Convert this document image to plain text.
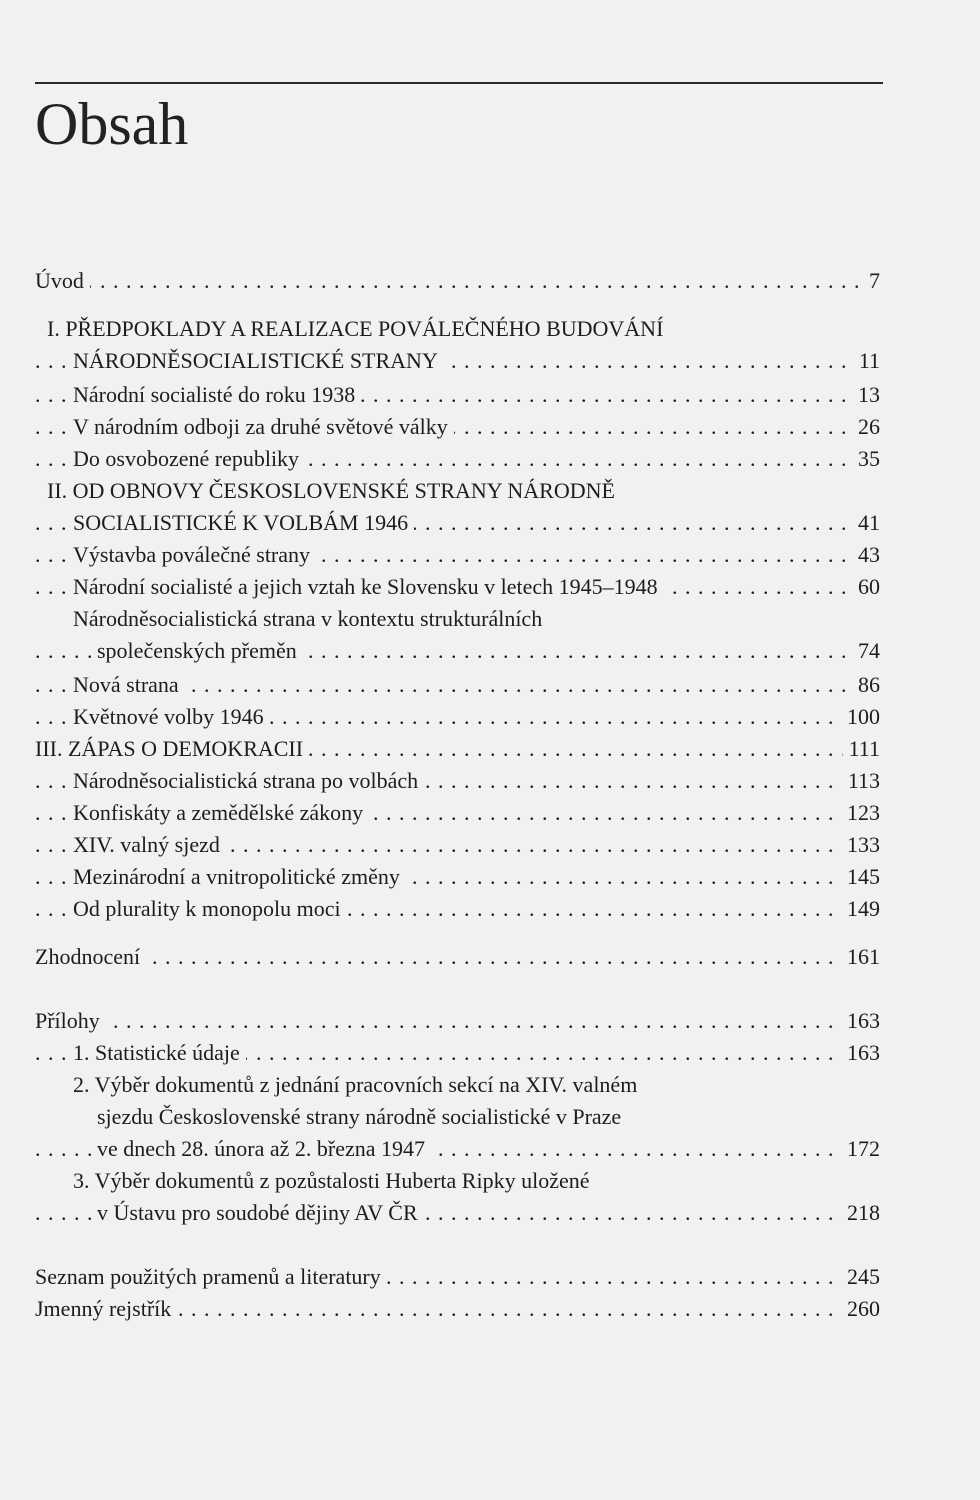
Obsah
. . . Úvod	7
I. PŘEDPOKLADY A REALIZACE POVÁLEČNÉHO BUDOVÁNÍ
. . . NÁRODNĚSOCIALISTICKÉ STRANY	11
. . . Národní socialisté do roku 1938	13
. . . V národním odboji za druhé světové války	26
. . . Do osvobozené republiky	35
II. OD OBNOVY ČESKOSLOVENSKÉ STRANY NÁRODNĚ
. . . SOCIALISTICKÉ K VOLBÁM 1946	41
. . . Výstavba poválečné strany	43
. . . Národní socialisté a jejich vztah ke Slovensku v letech 1945–1948	60
Národněsocialistická strana v kontextu strukturálních
. . . společenských přeměn	74
. . . Nová strana	86
. . . Květnové volby 1946	100
. . . III. ZÁPAS O DEMOKRACII	111
. . . Národněsocialistická strana po volbách	113
. . . Konfiskáty a zemědělské zákony	123
. . . XIV. valný sjezd	133
. . . Mezinárodní a vnitropolitické změny	145
. . . Od plurality k monopolu moci	149
. . . Zhodnocení	161
. . . Přílohy	163
. . . 1. Statistické údaje	163
2. Výběr dokumentů z jednání pracovních sekcí na XIV. valném
sjezdu Československé strany národně socialistické v Praze
. . . ve dnech 28. února až 2. března 1947	172
3. Výběr dokumentů z pozůstalosti Huberta Ripky uložené
. . . v Ústavu pro soudobé dějiny AV ČR	218
. . . Seznam použitých pramenů a literatury	245
. . . Jmenný rejstřík	260
